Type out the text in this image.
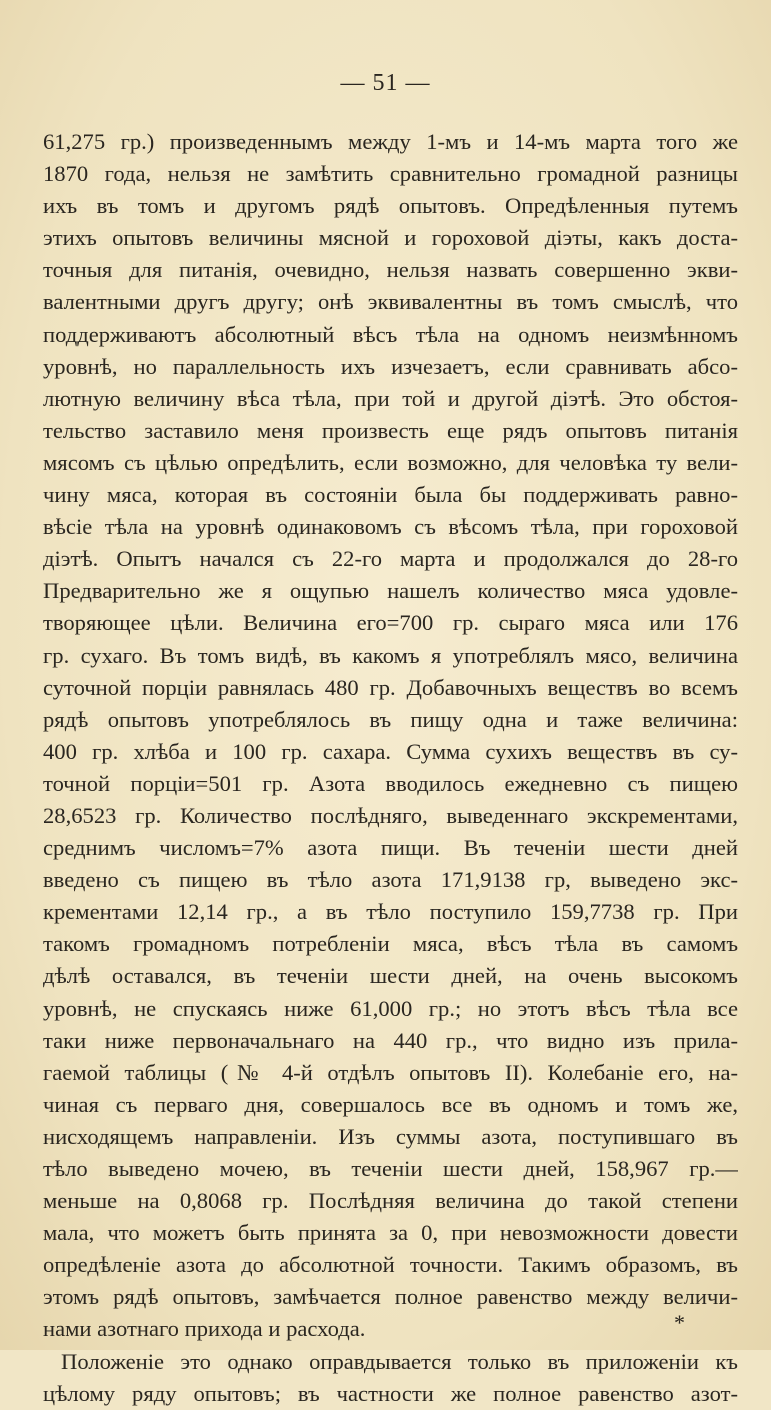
— 51 —
61,275 гр.) произведеннымъ между 1-мъ и 14-мъ марта того же
1870 года, нельзя не замѣтить сравнительно громадной разницы
ихъ въ томъ и другомъ рядѣ опытовъ. Опредѣленныя путемъ
этихъ опытовъ величины мясной и гороховой діэты, какъ доста-
точныя для питанія, очевидно, нельзя назвать совершенно экви-
валентными другъ другу; онѣ эквивалентны въ томъ смыслѣ, что
поддерживаютъ абсолютный вѣсъ тѣла на одномъ неизмѣнномъ
уровнѣ, но параллельность ихъ изчезаетъ, если сравнивать абсо-
лютную величину вѣса тѣла, при той и другой діэтѣ. Это обстоя-
тельство заставило меня произвесть еще рядъ опытовъ питанія
мясомъ съ цѣлью опредѣлить, если возможно, для человѣка ту вели-
чину мяса, которая въ состояніи была бы поддерживать равно-
вѣсіе тѣла на уровнѣ одинаковомъ съ вѣсомъ тѣла, при гороховой
діэтѣ. Опытъ начался съ 22-го марта и продолжался до 28-го
Предварительно же я ощупью нашелъ количество мяса удовле-
творяющее цѣли. Величина его=700 гр. сыраго мяса или 176
гр. сухаго. Въ томъ видѣ, въ какомъ я употреблялъ мясо, величина
суточной порціи равнялась 480 гр. Добавочныхъ веществъ во всемъ
рядѣ опытовъ употреблялось въ пищу одна и таже величина:
400 гр. хлѣба и 100 гр. сахара. Сумма сухихъ веществъ въ су-
точной порціи=501 гр. Азота вводилось ежедневно съ пищею
28,6523 гр. Количество послѣдняго, выведеннаго экскрементами,
среднимъ числомъ=7% азота пищи. Въ теченіи шести дней
введено съ пищею въ тѣло азота 171,9138 гр, выведено экс-
крементами 12,14 гр., а въ тѣло поступило 159,7738 гр. При
такомъ громадномъ потребленіи мяса, вѣсъ тѣла въ самомъ
дѣлѣ оставался, въ теченіи шести дней, на очень высокомъ
уровнѣ, не спускаясь ниже 61,000 гр.; но этотъ вѣсъ тѣла все
таки ниже первоначальнаго на 440 гр., что видно изъ прила-
гаемой таблицы (№ 4-й отдѣлъ опытовъ II). Колебаніе его, на-
чиная съ перваго дня, совершалось все въ одномъ и томъ же,
нисходящемъ направленіи. Изъ суммы азота, поступившаго въ
тѣло выведено мочею, въ теченіи шести дней, 158,967 гр.—
меньше на 0,8068 гр. Послѣдняя величина до такой степени
мала, что можетъ быть принята за 0, при невозможности довести
опредѣленіе азота до абсолютной точности. Такимъ образомъ, въ
этомъ рядѣ опытовъ, замѣчается полное равенство между величи-
нами азотнаго прихода и расхода.
Положеніе это однако оправдывается только въ приложеніи къ
цѣлому ряду опытовъ; въ частности же полное равенство азот-
*
